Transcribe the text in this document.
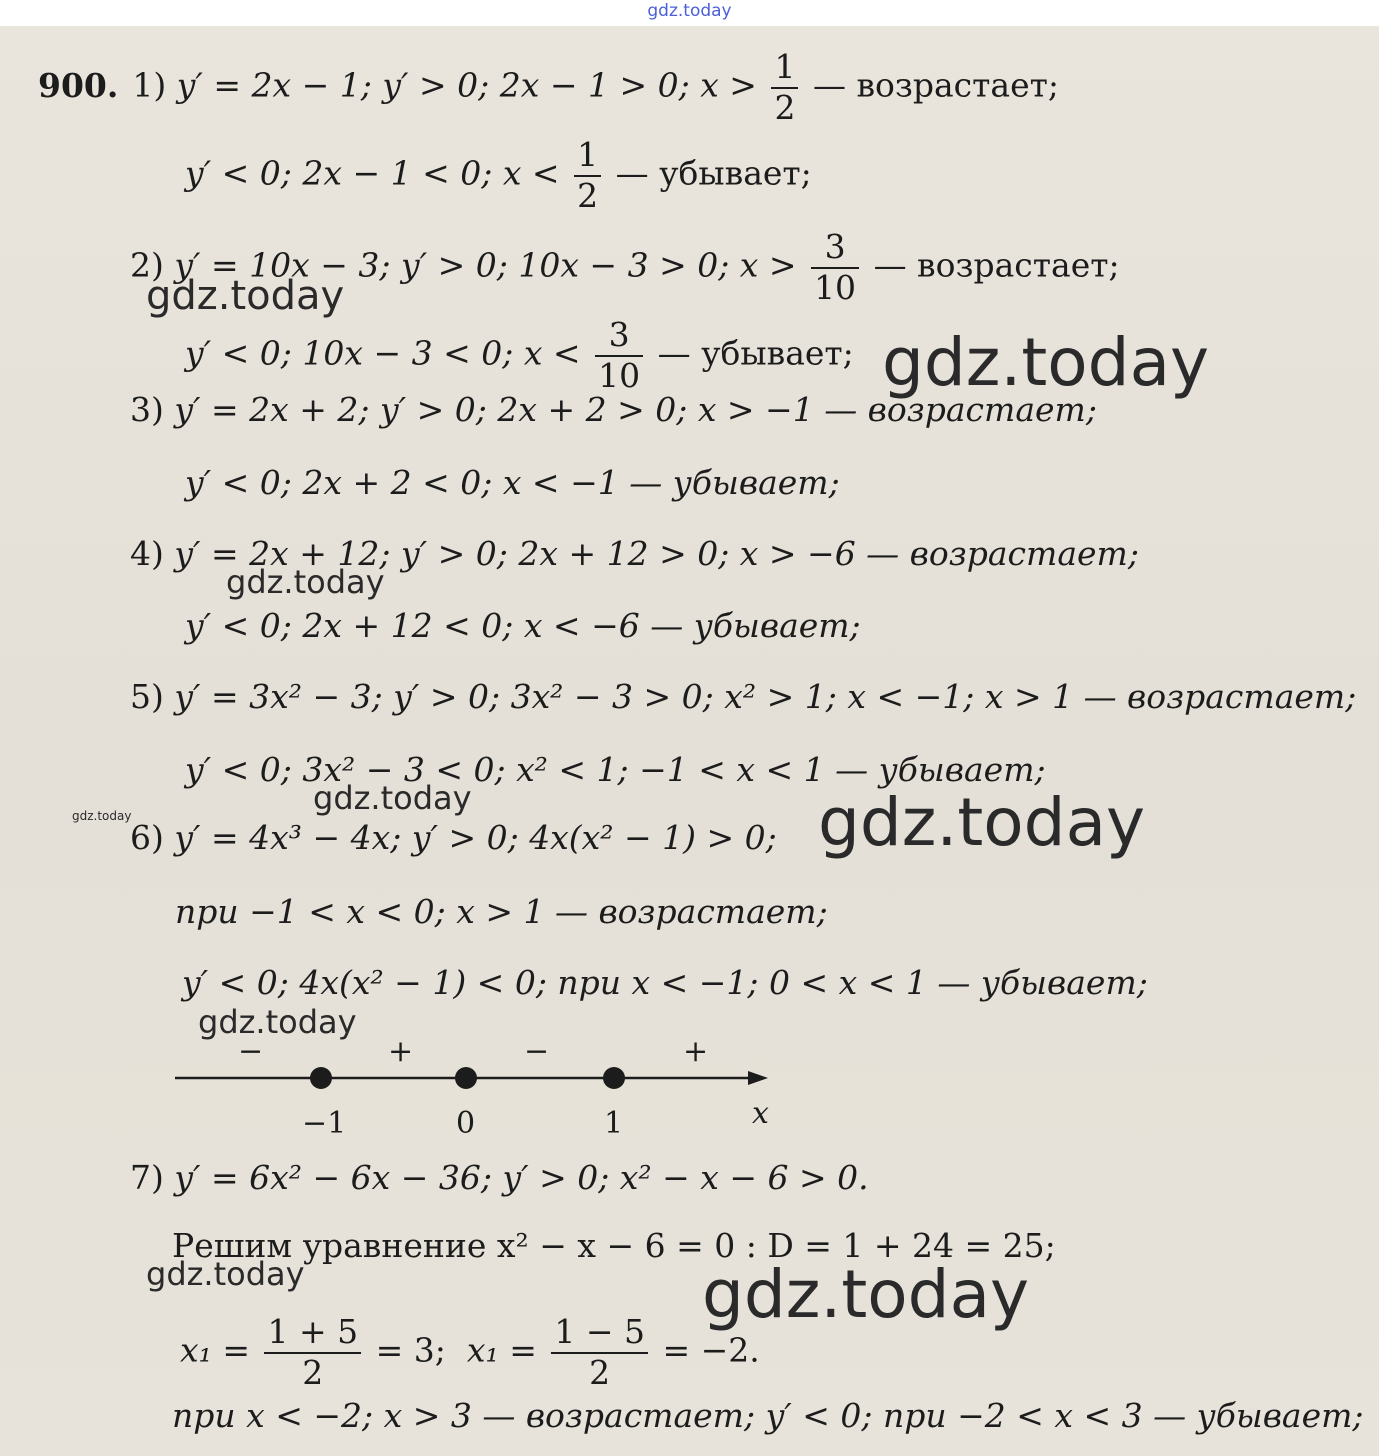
gdz.today
900. 1) y′ = 2x − 1; y′ > 0; 2x − 1 > 0; $x > \frac{1}{2}$ — возрастает;
y′ < 0; 2x − 1 < 0; $x < \frac{1}{2}$ — убывает;
2) y′ = 10x − 3; y′ > 0; 10x − 3 > 0; $x > \frac{3}{10}$ — возрастает;
y′ < 0; 10x − 3 < 0; $x < \frac{3}{10}$ — убывает;
3) y′ = 2x + 2; y′ > 0; 2x + 2 > 0; x > −1 — возрастает;
y′ < 0; 2x + 2 < 0; x < −1 — убывает;
4) y′ = 2x + 12; y′ > 0; 2x + 12 > 0; x > −6 — возрастает;
y′ < 0; 2x + 12 < 0; x < −6 — убывает;
5) y′ = 3x² − 3; y′ > 0; 3x² − 3 > 0; x² > 1; x < −1; x > 1 — возрастает;
y′ < 0; 3x² − 3 < 0; x² < 1; −1 < x < 1 — убывает;
6) y′ = 4x³ − 4x; y′ > 0; 4x(x² − 1) > 0;
при −1 < x < 0; x > 1 — возрастает;
y′ < 0; 4x(x² − 1) < 0; при x < −1; 0 < x < 1 — убывает;
−	+	−	+
−1	0	1	x
7) y′ = 6x² − 6x − 36; y′ > 0; x² − x − 6 > 0.
Решим уравнение x² − x − 6 = 0 : D = 1 + 24 = 25;
$x_1 = \frac{1 + 5}{2} = 3$; $x_1 = \frac{1 - 5}{2} = -2$.
при x < −2; x > 3 — возрастает; y′ < 0; при −2 < x < 3 — убывает;
gdz.today
gdz.today
gdz.today
gdz.today	gdz.today	gdz.today
gdz.today
gdz.today	gdz.today
